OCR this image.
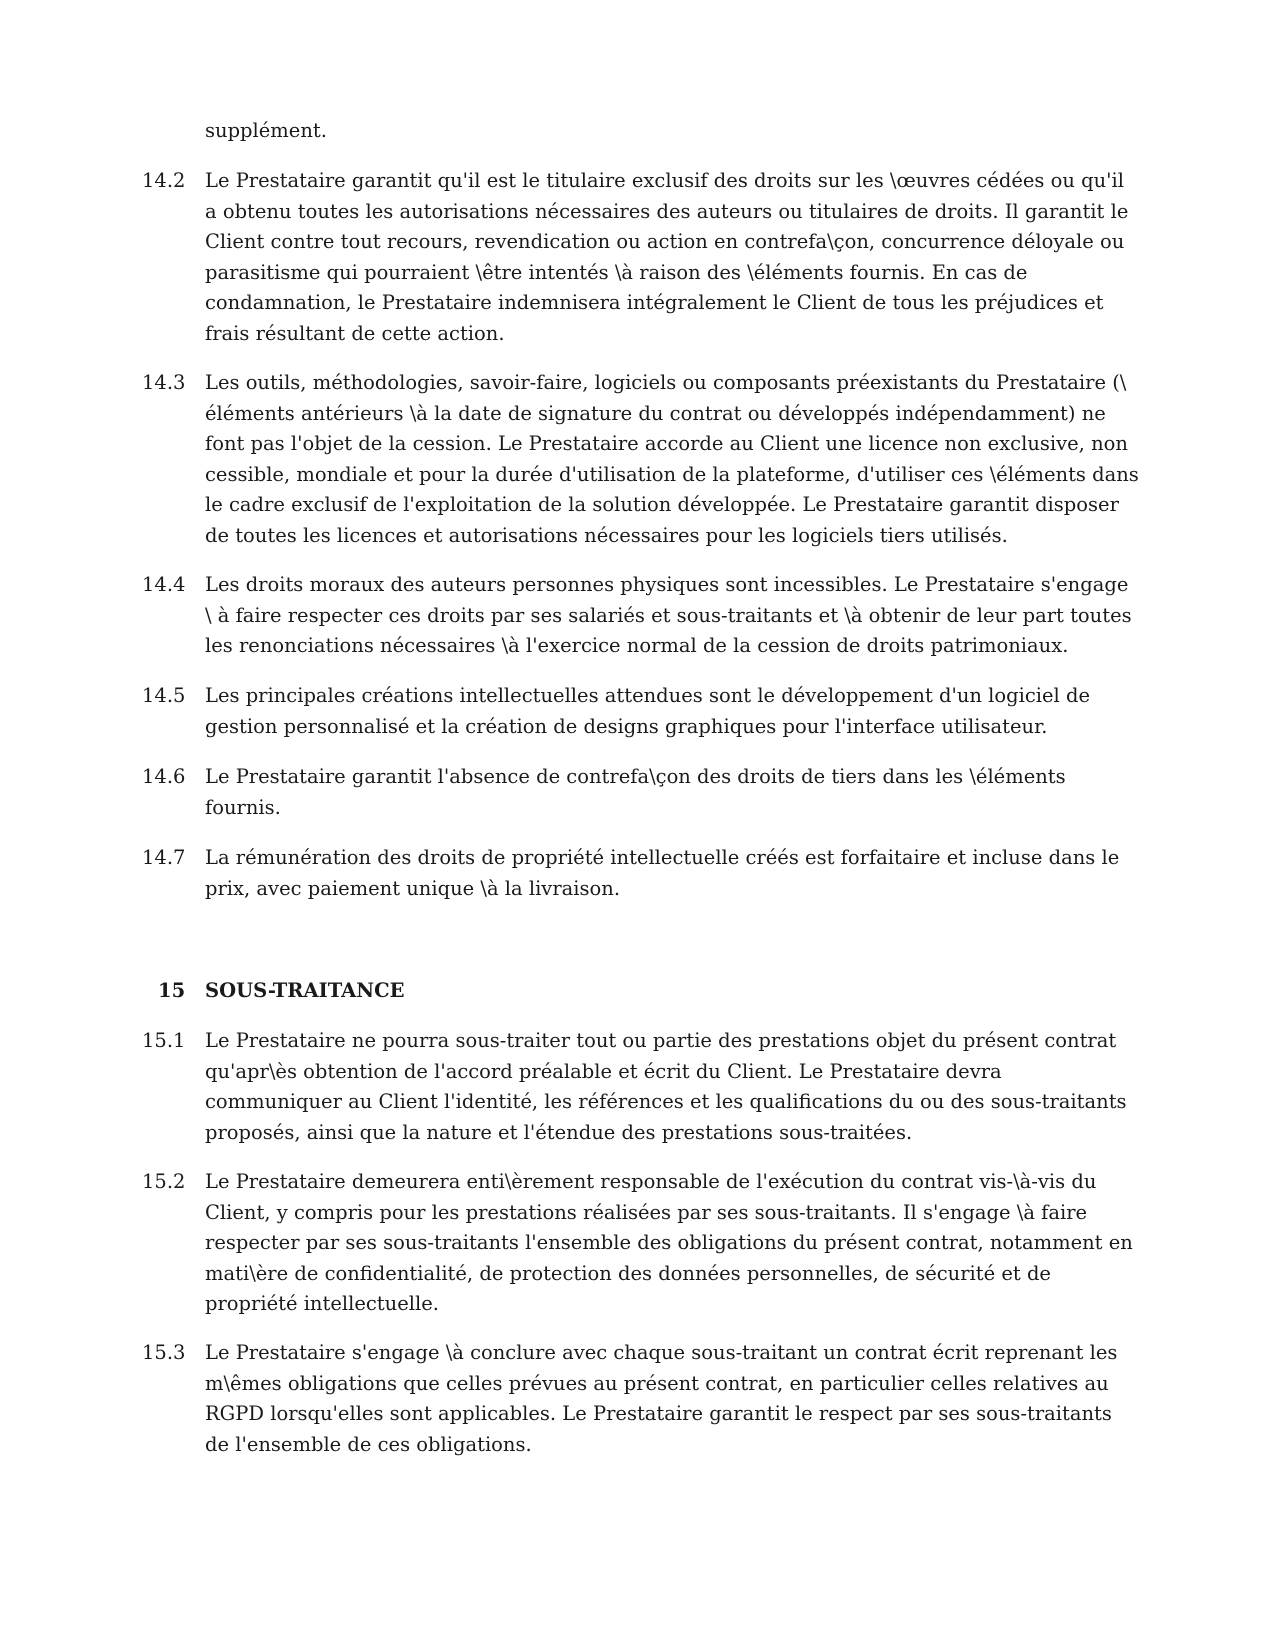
supplément.
14.2	Le Prestataire garantit qu'il est le titulaire exclusif des droits sur les \œuvres cédées ou qu'il a obtenu toutes les autorisations nécessaires des auteurs ou titulaires de droits. Il garantit le Client contre tout recours, revendication ou action en contrefa\çon, concurrence déloyale ou parasitisme qui pourraient \être intentés \à raison des \éléments fournis. En cas de condamnation, le Prestataire indemnisera intégralement le Client de tous les préjudices et frais résultant de cette action.
14.3	Les outils, méthodologies, savoir-faire, logiciels ou composants préexistants du Prestataire (\ éléments antérieurs \à la date de signature du contrat ou développés indépendamment) ne font pas l'objet de la cession. Le Prestataire accorde au Client une licence non exclusive, non cessible, mondiale et pour la durée d'utilisation de la plateforme, d'utiliser ces \éléments dans le cadre exclusif de l'exploitation de la solution développée. Le Prestataire garantit disposer de toutes les licences et autorisations nécessaires pour les logiciels tiers utilisés.
14.4	Les droits moraux des auteurs personnes physiques sont incessibles. Le Prestataire s'engage \ à faire respecter ces droits par ses salariés et sous-traitants et \à obtenir de leur part toutes les renonciations nécessaires \à l'exercice normal de la cession de droits patrimoniaux.
14.5	Les principales créations intellectuelles attendues sont le développement d'un logiciel de gestion personnalisé et la création de designs graphiques pour l'interface utilisateur.
14.6	Le Prestataire garantit l'absence de contrefa\çon des droits de tiers dans les \éléments fournis.
14.7	La rémunération des droits de propriété intellectuelle créés est forfaitaire et incluse dans le prix, avec paiement unique \à la livraison.
15 SOUS-TRAITANCE
15.1	Le Prestataire ne pourra sous-traiter tout ou partie des prestations objet du présent contrat qu'apr\ès obtention de l'accord préalable et écrit du Client. Le Prestataire devra communiquer au Client l'identité, les références et les qualifications du ou des sous-traitants proposés, ainsi que la nature et l'étendue des prestations sous-traitées.
15.2	Le Prestataire demeurera enti\èrement responsable de l'exécution du contrat vis-\à-vis du Client, y compris pour les prestations réalisées par ses sous-traitants. Il s'engage \à faire respecter par ses sous-traitants l'ensemble des obligations du présent contrat, notamment en mati\ère de confidentialité, de protection des données personnelles, de sécurité et de propriété intellectuelle.
15.3	Le Prestataire s'engage \à conclure avec chaque sous-traitant un contrat écrit reprenant les m\êmes obligations que celles prévues au présent contrat, en particulier celles relatives au RGPD lorsqu'elles sont applicables. Le Prestataire garantit le respect par ses sous-traitants de l'ensemble de ces obligations.
